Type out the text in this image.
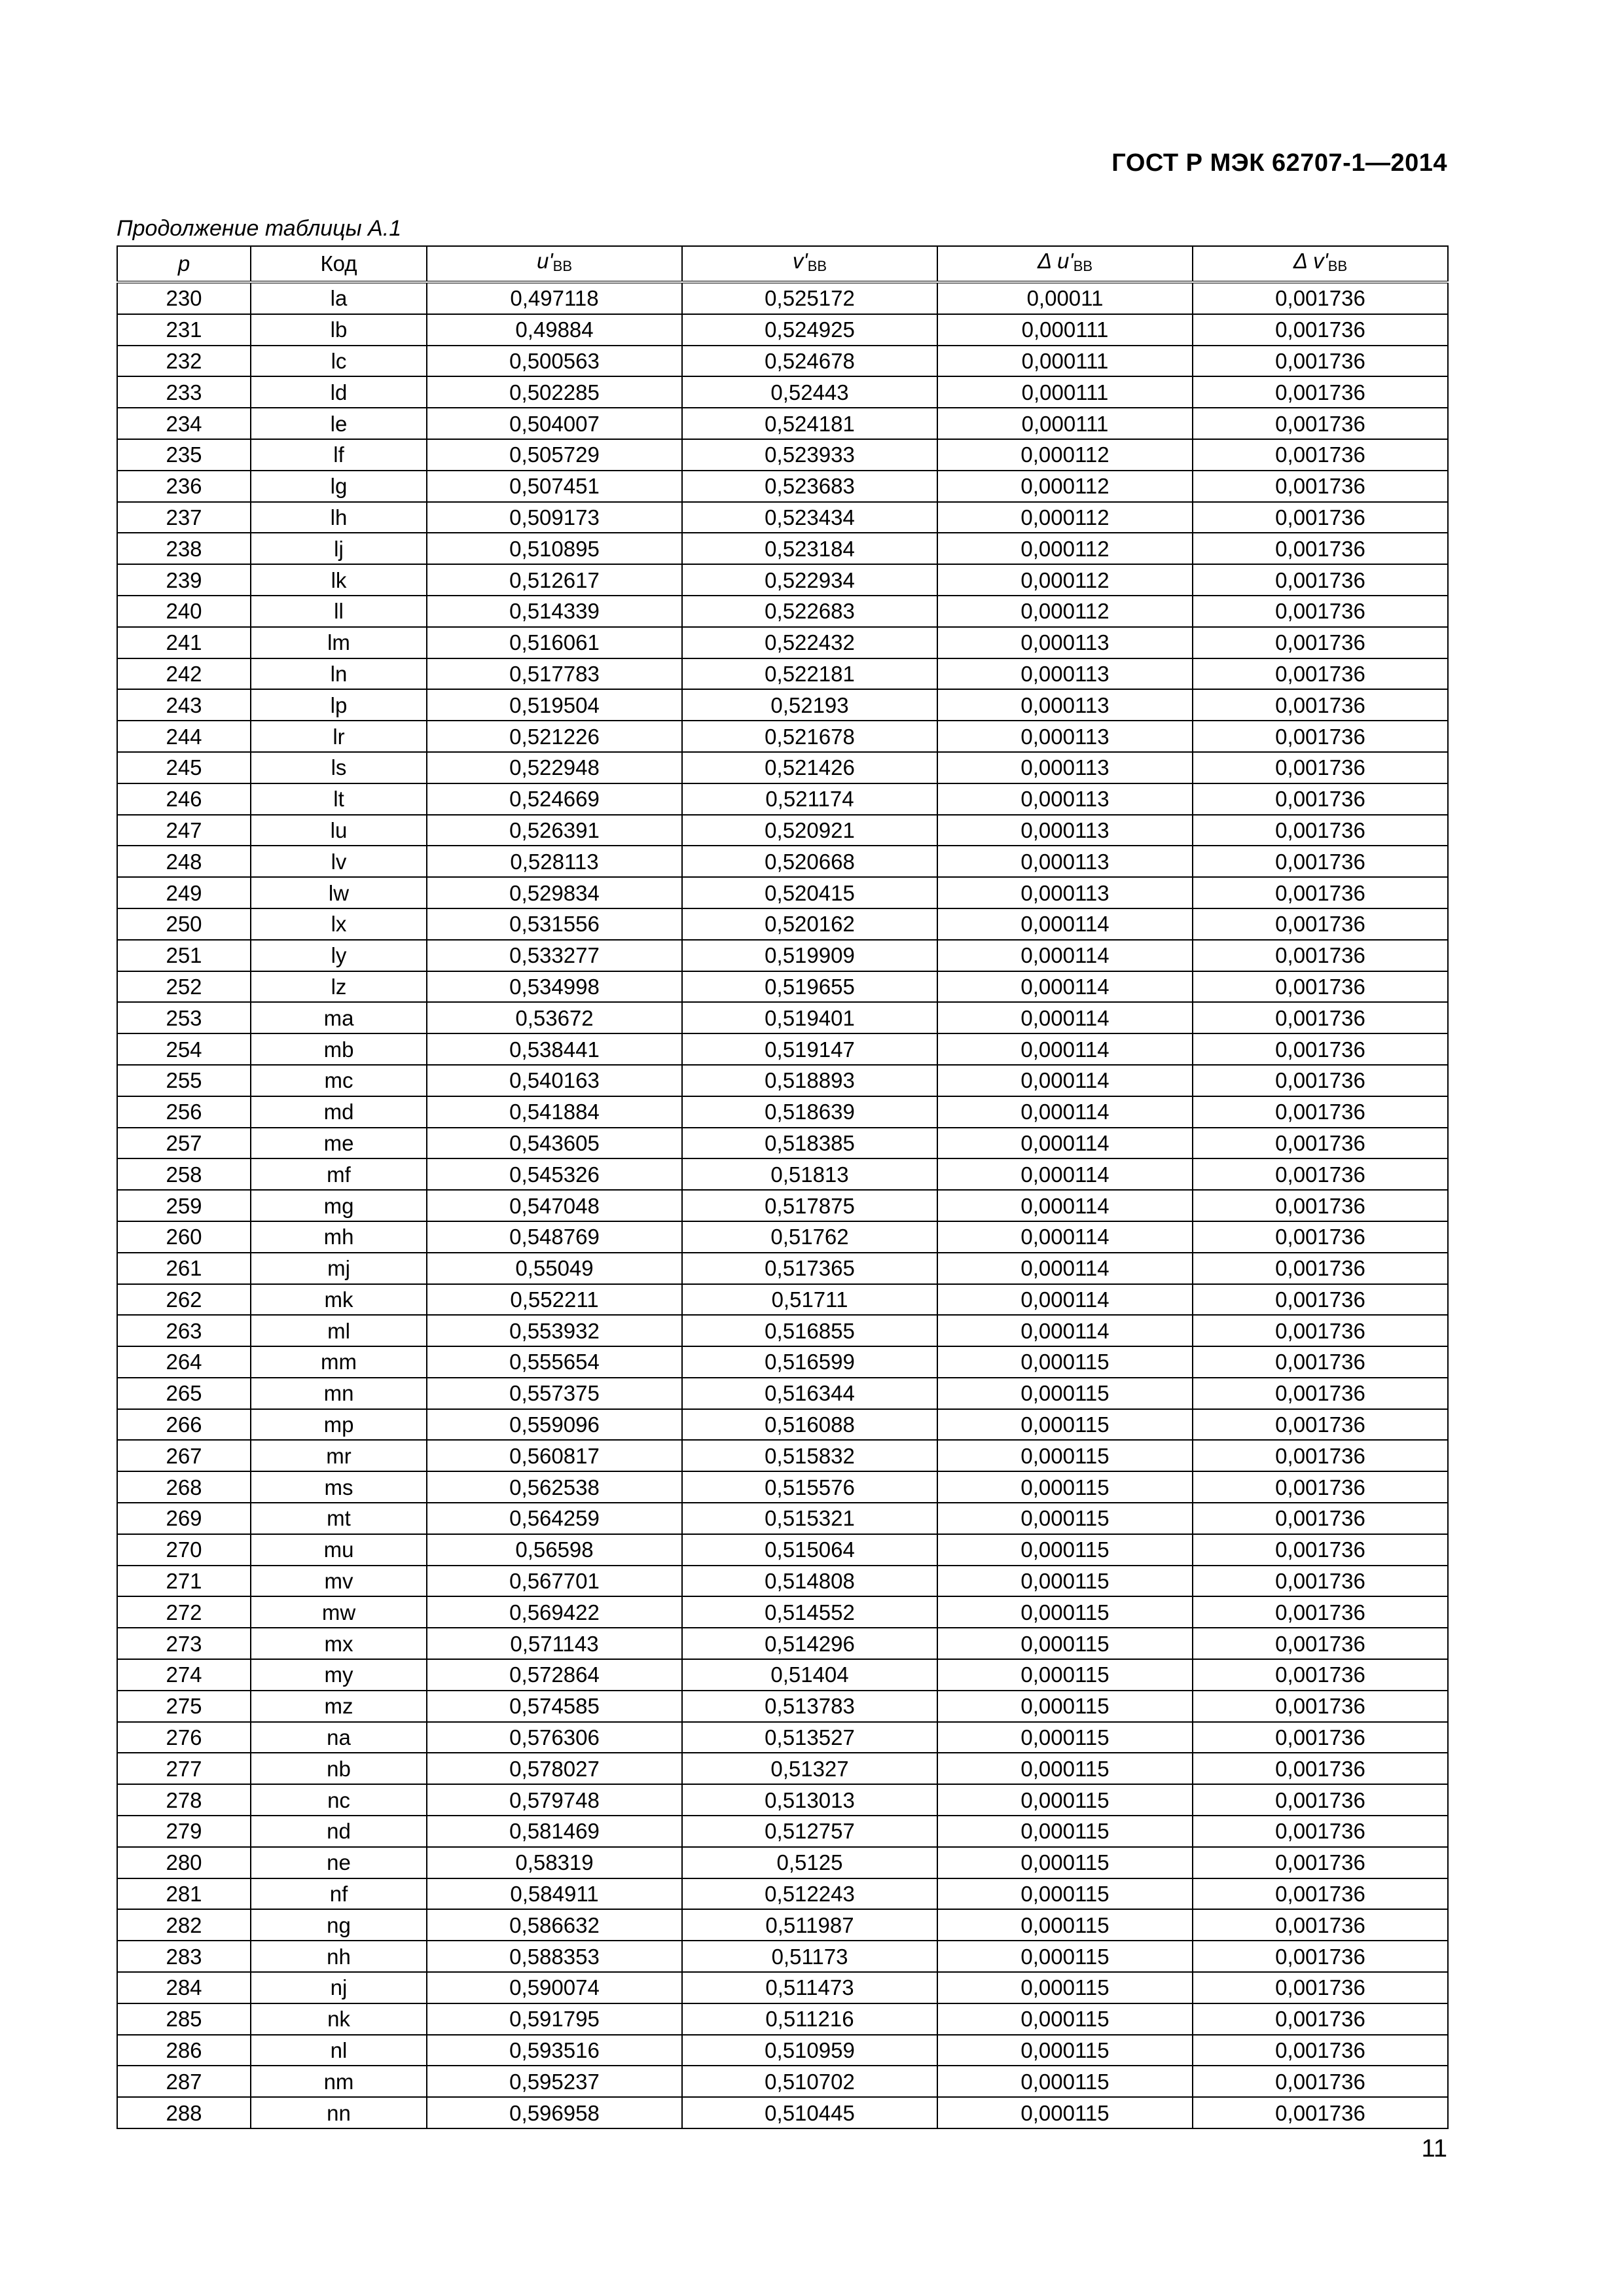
ГОСТ Р МЭК 62707-1—2014
Продолжение таблицы А.1
p	Код	$u'_{BB}$	$v'_{BB}$	Δ $u'_{BB}$	Δ $v'_{BB}$
230	la	0,497118	0,525172	0,00011	0,001736
231	lb	0,49884	0,524925	0,000111	0,001736
232	lc	0,500563	0,524678	0,000111	0,001736
233	ld	0,502285	0,52443	0,000111	0,001736
234	le	0,504007	0,524181	0,000111	0,001736
235	lf	0,505729	0,523933	0,000112	0,001736
236	lg	0,507451	0,523683	0,000112	0,001736
237	lh	0,509173	0,523434	0,000112	0,001736
238	lj	0,510895	0,523184	0,000112	0,001736
239	lk	0,512617	0,522934	0,000112	0,001736
240	ll	0,514339	0,522683	0,000112	0,001736
241	lm	0,516061	0,522432	0,000113	0,001736
242	ln	0,517783	0,522181	0,000113	0,001736
243	lp	0,519504	0,52193	0,000113	0,001736
244	lr	0,521226	0,521678	0,000113	0,001736
245	ls	0,522948	0,521426	0,000113	0,001736
246	lt	0,524669	0,521174	0,000113	0,001736
247	lu	0,526391	0,520921	0,000113	0,001736
248	lv	0,528113	0,520668	0,000113	0,001736
249	lw	0,529834	0,520415	0,000113	0,001736
250	lx	0,531556	0,520162	0,000114	0,001736
251	ly	0,533277	0,519909	0,000114	0,001736
252	lz	0,534998	0,519655	0,000114	0,001736
253	ma	0,53672	0,519401	0,000114	0,001736
254	mb	0,538441	0,519147	0,000114	0,001736
255	mc	0,540163	0,518893	0,000114	0,001736
256	md	0,541884	0,518639	0,000114	0,001736
257	me	0,543605	0,518385	0,000114	0,001736
258	mf	0,545326	0,51813	0,000114	0,001736
259	mg	0,547048	0,517875	0,000114	0,001736
260	mh	0,548769	0,51762	0,000114	0,001736
261	mj	0,55049	0,517365	0,000114	0,001736
262	mk	0,552211	0,51711	0,000114	0,001736
263	ml	0,553932	0,516855	0,000114	0,001736
264	mm	0,555654	0,516599	0,000115	0,001736
265	mn	0,557375	0,516344	0,000115	0,001736
266	mp	0,559096	0,516088	0,000115	0,001736
267	mr	0,560817	0,515832	0,000115	0,001736
268	ms	0,562538	0,515576	0,000115	0,001736
269	mt	0,564259	0,515321	0,000115	0,001736
270	mu	0,56598	0,515064	0,000115	0,001736
271	mv	0,567701	0,514808	0,000115	0,001736
272	mw	0,569422	0,514552	0,000115	0,001736
273	mx	0,571143	0,514296	0,000115	0,001736
274	my	0,572864	0,51404	0,000115	0,001736
275	mz	0,574585	0,513783	0,000115	0,001736
276	na	0,576306	0,513527	0,000115	0,001736
277	nb	0,578027	0,51327	0,000115	0,001736
278	nc	0,579748	0,513013	0,000115	0,001736
279	nd	0,581469	0,512757	0,000115	0,001736
280	ne	0,58319	0,5125	0,000115	0,001736
281	nf	0,584911	0,512243	0,000115	0,001736
282	ng	0,586632	0,511987	0,000115	0,001736
283	nh	0,588353	0,51173	0,000115	0,001736
284	nj	0,590074	0,511473	0,000115	0,001736
285	nk	0,591795	0,511216	0,000115	0,001736
286	nl	0,593516	0,510959	0,000115	0,001736
287	nm	0,595237	0,510702	0,000115	0,001736
288	nn	0,596958	0,510445	0,000115	0,001736
11
